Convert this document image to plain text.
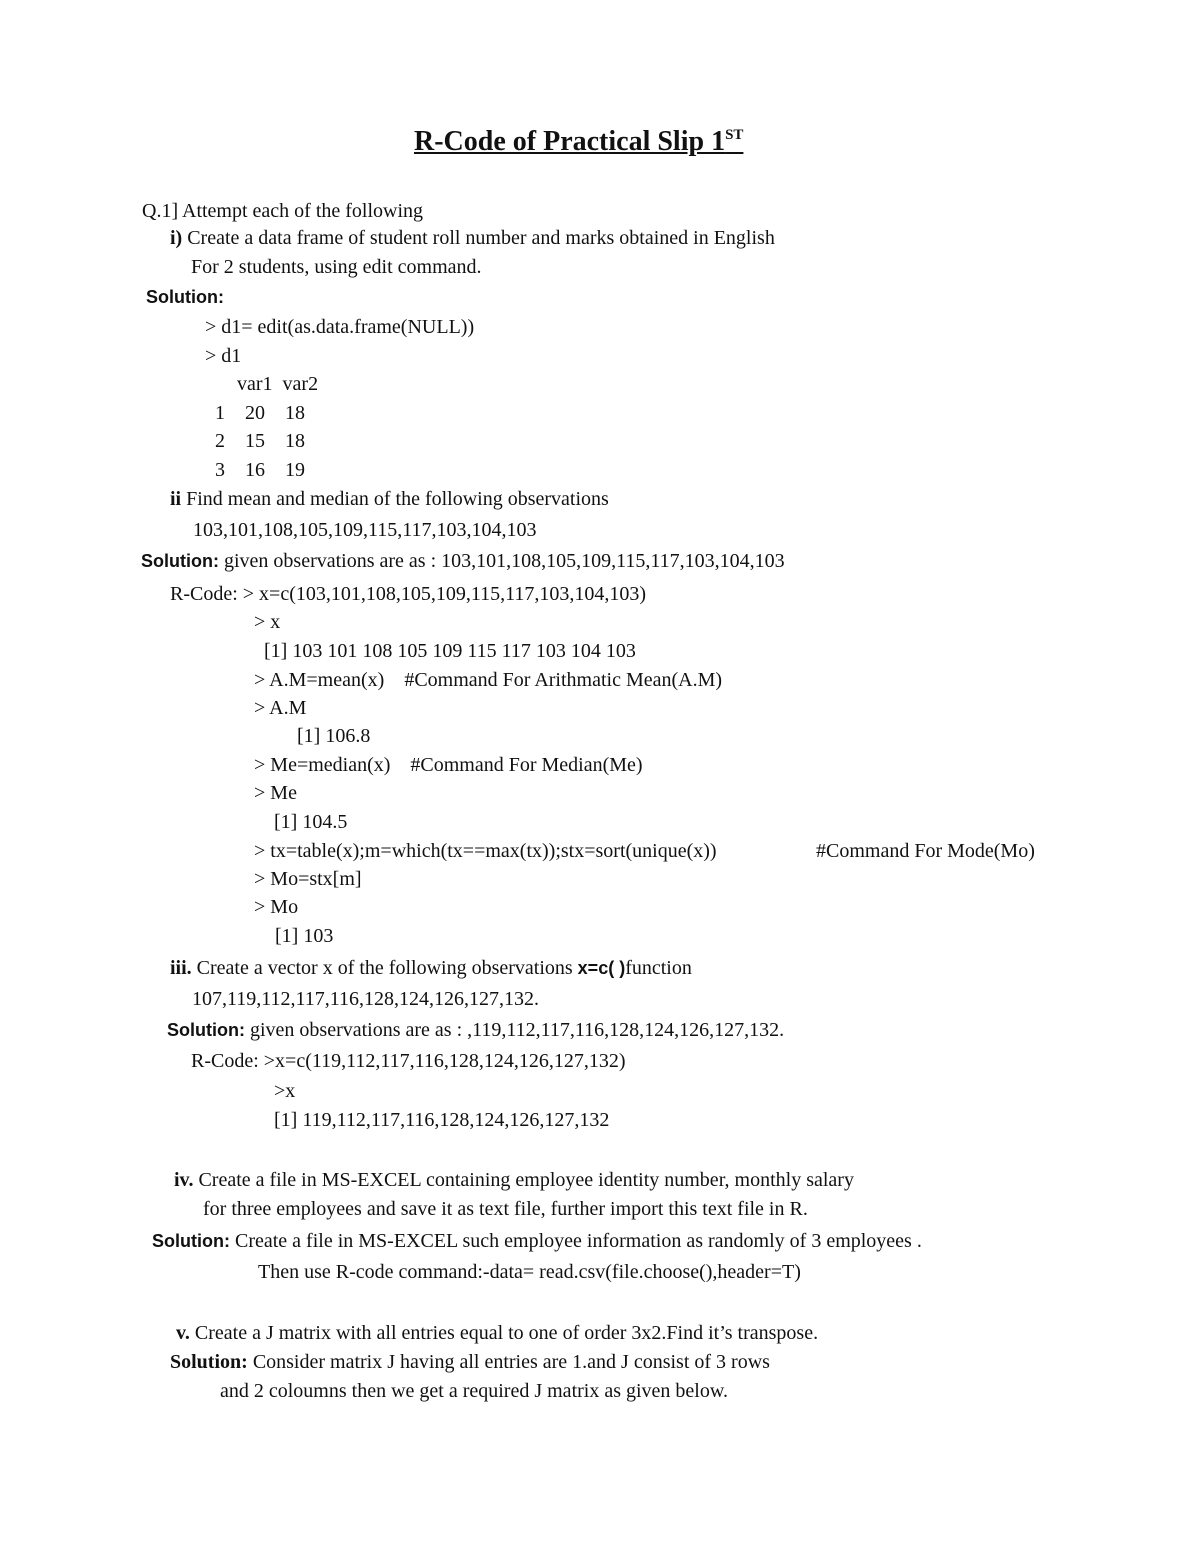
R-Code of Practical Slip 1ST
Q.1] Attempt each of the following
i) Create a data frame of student roll number and marks obtained in English
For 2 students, using edit command.
Solution:
> d1= edit(as.data.frame(NULL))
> d1
var1  var2
1    20    18
2    15    18
3    16    19
ii Find mean and median of the following observations
103,101,108,105,109,115,117,103,104,103
Solution: given observations are as : 103,101,108,105,109,115,117,103,104,103
R-Code: > x=c(103,101,108,105,109,115,117,103,104,103)
> x
[1] 103 101 108 105 109 115 117 103 104 103
> A.M=mean(x)    #Command For Arithmatic Mean(A.M)
> A.M
[1] 106.8
> Me=median(x)    #Command For Median(Me)
> Me
[1] 104.5
> tx=table(x);m=which(tx==max(tx));stx=sort(unique(x))	#Command For Mode(Mo)
> Mo=stx[m]
> Mo
[1] 103
iii. Create a vector x of the following observations x=c( )function
107,119,112,117,116,128,124,126,127,132.
Solution: given observations are as : ,119,112,117,116,128,124,126,127,132.
R-Code: >x=c(119,112,117,116,128,124,126,127,132)
>x
[1] 119,112,117,116,128,124,126,127,132
iv. Create a file in MS-EXCEL containing employee identity number, monthly salary
for three employees and save it as text file, further import this text file in R.
Solution: Create a file in MS-EXCEL such employee information as randomly of 3 employees .
Then use R-code command:-data= read.csv(file.choose(),header=T)
v. Create a J matrix with all entries equal to one of order 3x2.Find it’s transpose.
Solution: Consider matrix J having all entries are 1.and J consist of 3 rows
and 2 coloumns then we get a required J matrix as given below.
